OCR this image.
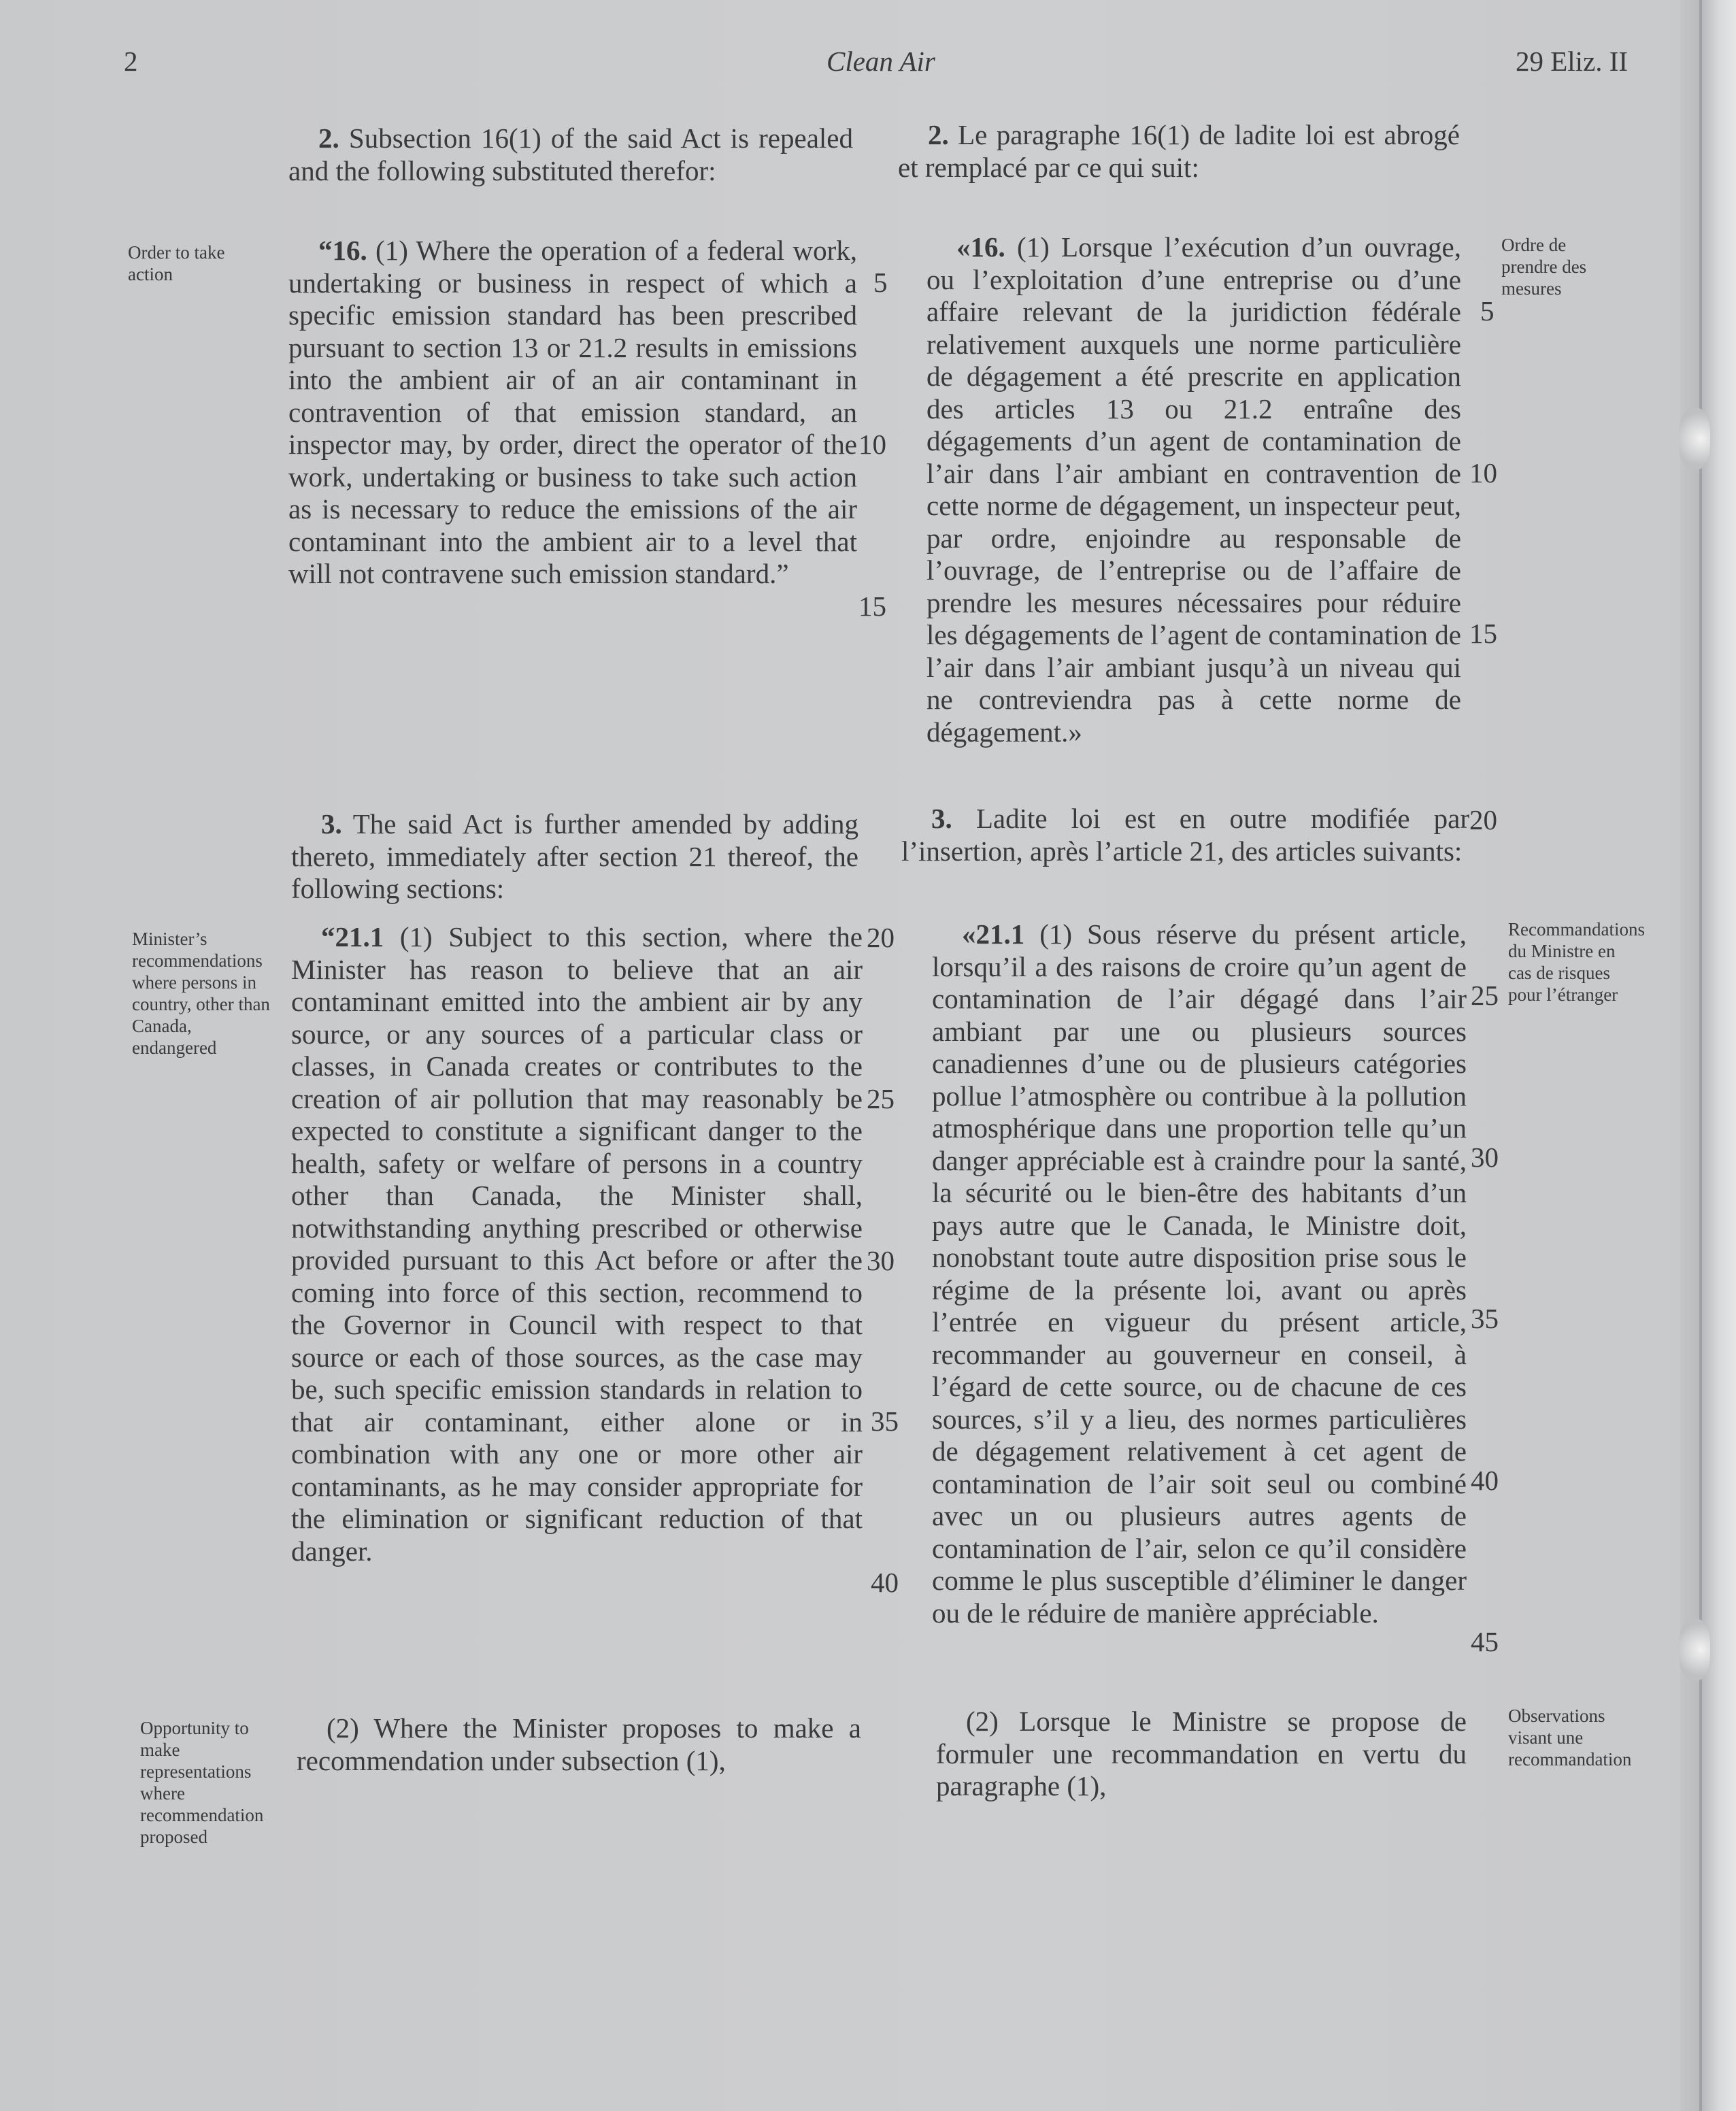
2	Clean Air	29 Eliz. II
Order to take action
Minister’s recommendations where persons in country, other than Canada, endangered
Opportunity to make representations where recommendation proposed
Ordre de prendre des mesures
Recommandations du Ministre en cas de risques pour l’étranger
Observations visant une recommandation

2. Subsection 16(1) of the said Act is repealed and the following substituted therefor:

“16. (1) Where the operation of a federal work, undertaking or business in respect of which a specific emission standard has been prescribed pursuant to section 13 or 21.2 results in emissions into the ambient air of an air contaminant in contravention of that emission standard, an inspector may, by order, direct the operator of the work, undertaking or business to take such action as is necessary to reduce the emissions of the air contaminant into the ambient air to a level that will not contravene such emission standard.”

3. The said Act is further amended by adding thereto, immediately after section 21 thereof, the following sections:

“21.1 (1) Subject to this section, where the Minister has reason to believe that an air contaminant emitted into the ambient air by any source, or any sources of a particular class or classes, in Canada creates or contributes to the creation of air pollution that may reasonably be expected to constitute a significant danger to the health, safety or welfare of persons in a country other than Canada, the Minister shall, notwithstanding anything prescribed or otherwise provided pursuant to this Act before or after the coming into force of this section, recommend to the Governor in Council with respect to that source or each of those sources, as the case may be, such specific emission standards in relation to that air contaminant, either alone or in combination with any one or more other air contaminants, as he may consider appropriate for the elimination or significant reduction of that danger.

(2) Where the Minister proposes to make a recommendation under subsection (1),

5
10
15
20
25
30
35
40

2. Le paragraphe 16(1) de ladite loi est abrogé et remplacé par ce qui suit:

«16. (1) Lorsque l’exécution d’un ouvrage, ou l’exploitation d’une entreprise ou d’une affaire relevant de la juridiction fédérale relativement auxquels une norme particulière de dégagement a été prescrite en application des articles 13 ou 21.2 entraîne des dégagements d’un agent de contamination de l’air dans l’air ambiant en contravention de cette norme de dégagement, un inspecteur peut, par ordre, enjoindre au responsable de l’ouvrage, de l’entreprise ou de l’affaire de prendre les mesures nécessaires pour réduire les dégagements de l’agent de contamination de l’air dans l’air ambiant jusqu’à un niveau qui ne contreviendra pas à cette norme de dégagement.»

3. Ladite loi est en outre modifiée par l’insertion, après l’article 21, des articles suivants:

«21.1 (1) Sous réserve du présent article, lorsqu’il a des raisons de croire qu’un agent de contamination de l’air dégagé dans l’air ambiant par une ou plusieurs sources canadiennes d’une ou de plusieurs catégories pollue l’atmosphère ou contribue à la pollution atmosphérique dans une proportion telle qu’un danger appréciable est à craindre pour la santé, la sécurité ou le bien-être des habitants d’un pays autre que le Canada, le Ministre doit, nonobstant toute autre disposition prise sous le régime de la présente loi, avant ou après l’entrée en vigueur du présent article, recommander au gouverneur en conseil, à l’égard de cette source, ou de chacune de ces sources, s’il y a lieu, des normes particulières de dégagement relativement à cet agent de contamination de l’air soit seul ou combiné avec un ou plusieurs autres agents de contamination de l’air, selon ce qu’il considère comme le plus susceptible d’éliminer le danger ou de le réduire de manière appréciable.

(2) Lorsque le Ministre se propose de formuler une recommandation en vertu du paragraphe (1),

5
10
15
20
25
30
35
40
45
